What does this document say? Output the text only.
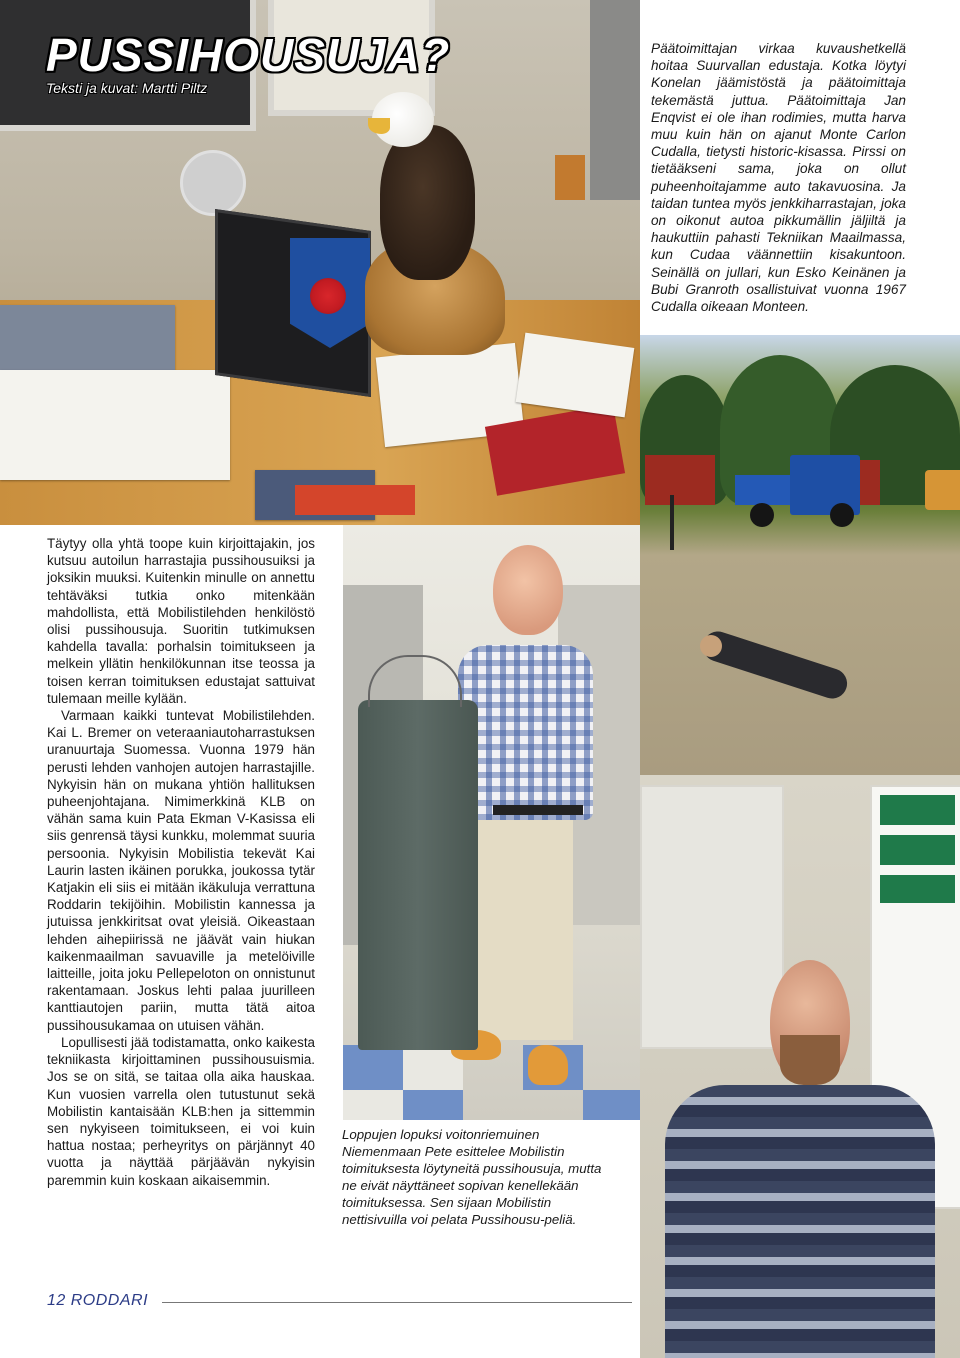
PUSSIHOUSUJA?
Teksti ja kuvat: Martti Piltz
Päätoimittajan virkaa kuvaushetkellä hoitaa Suurvallan edustaja. Kotka löytyi Konelan jäämistöstä ja päätoimittaja tekemästä juttua. Päätoimittaja Jan Enqvist ei ole ihan rodimies, mutta harva muu kuin hän on ajanut Monte Carlon Cudalla, tietysti historic-kisassa. Pirssi on tietääkseni sama, joka on ollut puheenhoitajamme auto takavuosina. Ja taidan tuntea myös jenkkiharrastajan, joka on oikonut autoa pikkumällin jäljiltä ja haukuttiin pahasti Tekniikan Maailmassa, kun Cudaa väännettiin kisakuntoon. Seinällä on jullari, kun Esko Keinänen ja Bubi Granroth osallistuivat vuonna 1967 Cudalla oikeaan Monteen.

Täytyy olla yhtä toope kuin kirjoittajakin, jos kutsuu autoilun harrastajia pussihousuiksi ja joksikin muuksi. Kuitenkin minulle on annettu tehtäväksi tutkia onko mitenkään mahdollista, että Mobilistilehden henkilöstö olisi pussihousuja. Suoritin tutkimuksen kahdella tavalla: porhalsin toimitukseen ja melkein yllätin henkilökunnan itse teossa ja toisen kerran toimituksen edustajat sattuivat tulemaan meille kylään.

Varmaan kaikki tuntevat Mobilistilehden. Kai L. Bremer on veteraaniautoharrastuksen uranuurtaja Suomessa. Vuonna 1979 hän perusti lehden vanhojen autojen harrastajille. Nykyisin hän on mukana yhtiön hallituksen puheenjohtajana. Nimimerkkinä KLB on vähän sama kuin Pata Ekman V-Kasissa eli siis genrensä täysi kunkku, molemmat suuria persoonia. Nykyisin Mobilistia tekevät Kai Laurin lasten ikäinen porukka, joukossa tytär Katjakin eli siis ei mitään ikäkuluja verrattuna Roddarin tekijöihin. Mobilistin kannessa ja jutuissa jenkkiritsat ovat yleisiä. Oikeastaan lehden aihepiirissä ne jäävät vain hiukan kaikenmaailman savuaville ja metelöiville laitteille, joita joku Pellepeloton on onnistunut rakentamaan. Joskus lehti palaa juurilleen kanttiautojen pariin, mutta tätä aitoa pussihousukamaa on utuisen vähän.

Lopullisesti jää todistamatta, onko kaikesta tekniikasta kirjoittaminen pussihousuismia. Jos se on sitä, se taitaa olla aika hauskaa. Kun vuosien varrella olen tutustunut sekä Mobilistin kantaisään KLB:hen ja sittemmin sen nykyiseen toimitukseen, ei voi kuin hattua nostaa; perheyritys on pärjännyt 40 vuotta ja näyttää pärjäävän nykyisin paremmin kuin koskaan aikaisemmin.

Loppujen lopuksi voitonriemuinen Niemenmaan Pete esittelee Mobilistin toimituksesta löytyneitä pussihousuja, mutta ne eivät näyttäneet sopivan kenellekään toimituksessa. Sen sijaan Mobilistin nettisivuilla voi pelata Pussihousu-peliä.
12 RODDARI
